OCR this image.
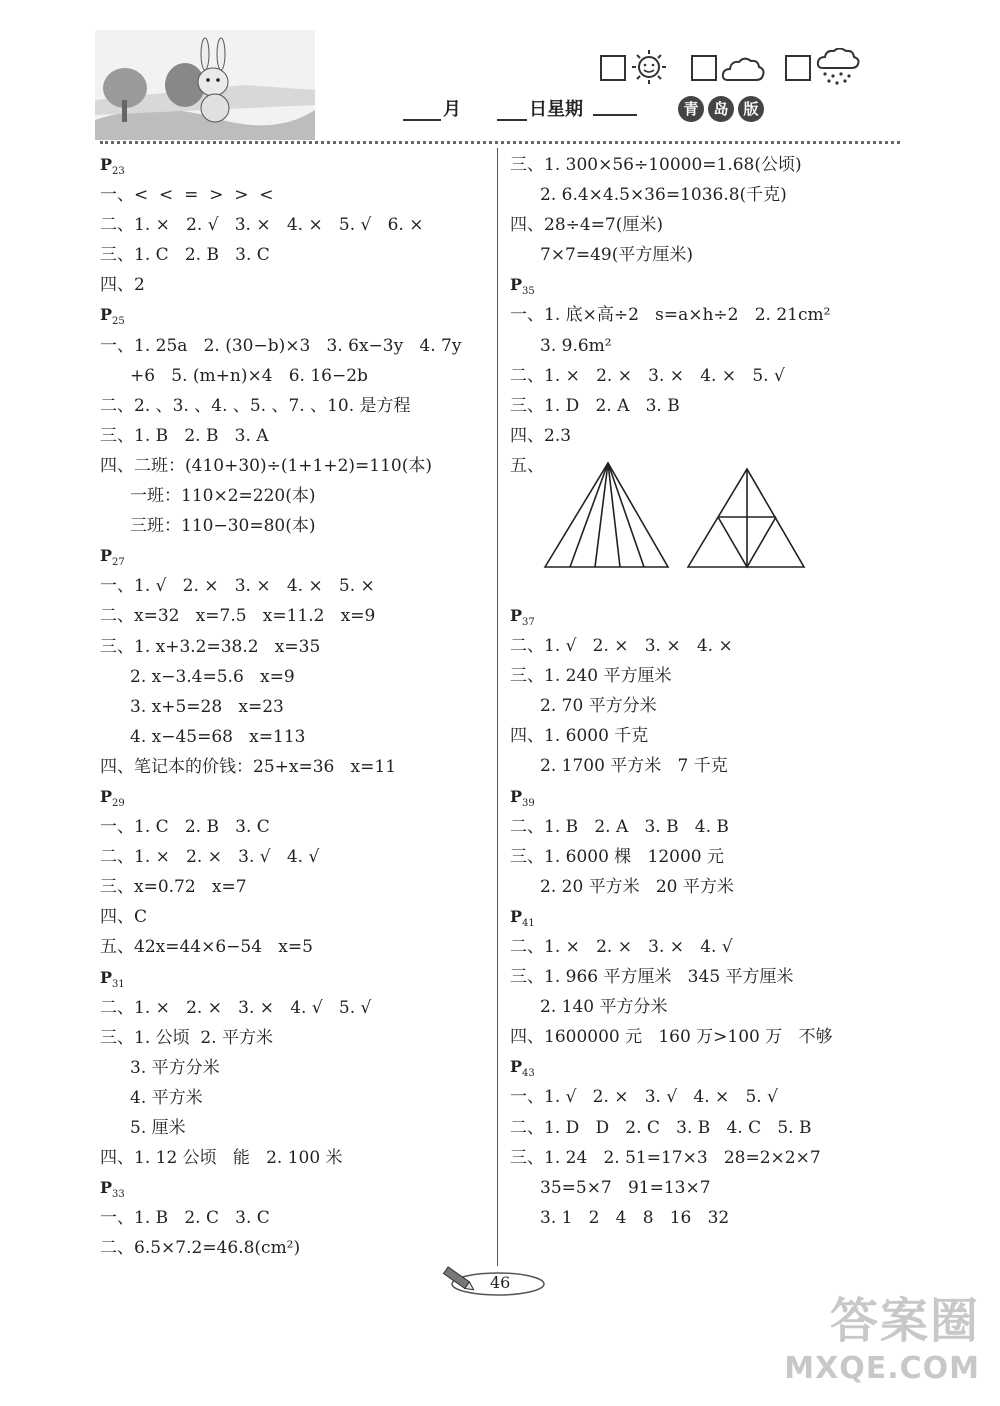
月	日星期	青 岛 版
$P_{23}$
一、<  <  =  >  >  <
二、1. ×   2. √   3. ×   4. ×   5. √   6. ×
三、1. C   2. B   3. C
四、2
$P_{25}$
一、1. 25a   2. (30−b)×3   3. 6x−3y   4. 7y
+6   5. (m+n)×4   6. 16−2b
二、2. 、3. 、4. 、5. 、7. 、10. 是方程
三、1. B   2. B   3. A
四、二班：(410+30)÷(1+1+2)=110(本)
一班：110×2=220(本)
三班：110−30=80(本)
$P_{27}$
一、1. √   2. ×   3. ×   4. ×   5. ×
二、x=32   x=7.5   x=11.2   x=9
三、1. x+3.2=38.2   x=35
2. x−3.4=5.6   x=9
3. x+5=28   x=23
4. x−45=68   x=113
四、笔记本的价钱：25+x=36   x=11
$P_{29}$
一、1. C   2. B   3. C
二、1. ×   2. ×   3. √   4. √
三、x=0.72   x=7
四、C
五、42x=44×6−54   x=5
$P_{31}$
二、1. ×   2. ×   3. ×   4. √   5. √
三、1. 公顷  2. 平方米
3. 平方分米
4. 平方米
5. 厘米
四、1. 12 公顷   能   2. 100 米
$P_{33}$
一、1. B   2. C   3. C
二、6.5×7.2=46.8(cm²)
三、1. 300×56÷10000=1.68(公顷)
2. 6.4×4.5×36=1036.8(千克)
四、28÷4=7(厘米)
7×7=49(平方厘米)
$P_{35}$
一、1. 底×高÷2   s=a×h÷2   2. 21cm²
3. 9.6m²
二、1. ×   2. ×   3. ×   4. ×   5. √
三、1. D   2. A   3. B
四、2.3
五、
$P_{37}$
二、1. √   2. ×   3. ×   4. ×
三、1. 240 平方厘米
2. 70 平方分米
四、1. 6000 千克
2. 1700 平方米   7 千克
$P_{39}$
二、1. B   2. A   3. B   4. B
三、1. 6000 棵   12000 元
2. 20 平方米   20 平方米
$P_{41}$
二、1. ×   2. ×   3. ×   4. √
三、1. 966 平方厘米   345 平方厘米
2. 140 平方分米
四、1600000 元   160 万>100 万   不够
$P_{43}$
一、1. √   2. ×   3. √   4. ×   5. √
二、1. D   D   2. C   3. B   4. C   5. B
三、1. 24   2. 51=17×3   28=2×2×7
35=5×7   91=13×7
3. 1   2   4   8   16   32
46
答案圈
MXQE.COM
